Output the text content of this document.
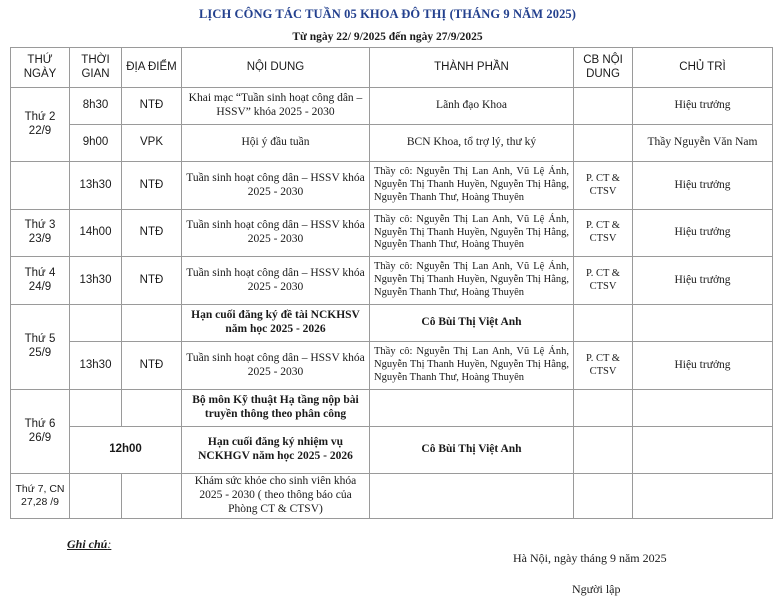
LỊCH CÔNG TÁC TUẦN 05 KHOA ĐÔ THỊ (THÁNG 9 NĂM 2025)
Từ ngày 22/ 9/2025 đến ngày 27/9/2025
THỨ NGÀY	THỜI GIAN	ĐỊA ĐIỂM	NỘI DUNG	THÀNH PHẦN	CB NỘI DUNG	CHỦ TRÌ
Thứ 2 22/9	8h30	NTĐ	Khai mạc “Tuần sinh hoạt công dân – HSSV” khóa 2025 - 2030	Lãnh đạo Khoa		Hiệu trưởng
	9h00	VPK	Hội ý đầu tuần	BCN Khoa, tổ trợ lý, thư ký		Thầy Nguyễn Văn Nam
	13h30	NTĐ	Tuần sinh hoạt công dân – HSSV khóa 2025 - 2030	Thầy cô: Nguyễn Thị Lan Anh, Vũ Lệ Ánh, Nguyễn Thị Thanh Huyền, Nguyễn Thị Hằng, Nguyễn Thanh Thư, Hoàng Thuyên	P. CT & CTSV	Hiệu trưởng
Thứ 3 23/9	14h00	NTĐ	Tuần sinh hoạt công dân – HSSV khóa 2025 - 2030	Thầy cô: Nguyễn Thị Lan Anh, Vũ Lệ Ánh, Nguyễn Thị Thanh Huyền, Nguyễn Thị Hằng, Nguyễn Thanh Thư, Hoàng Thuyên	P. CT & CTSV	Hiệu trưởng
Thứ 4 24/9	13h30	NTĐ	Tuần sinh hoạt công dân – HSSV khóa 2025 - 2030	Thầy cô: Nguyễn Thị Lan Anh, Vũ Lệ Ánh, Nguyễn Thị Thanh Huyền, Nguyễn Thị Hằng, Nguyễn Thanh Thư, Hoàng Thuyên	P. CT & CTSV	Hiệu trưởng
Thứ 5 25/9			Hạn cuối đăng ký đề tài NCKHSV năm học 2025 - 2026	Cô Bùi Thị Việt Anh		
	13h30	NTĐ	Tuần sinh hoạt công dân – HSSV khóa 2025 - 2030	Thầy cô: Nguyễn Thị Lan Anh, Vũ Lệ Ánh, Nguyễn Thị Thanh Huyền, Nguyễn Thị Hằng, Nguyễn Thanh Thư, Hoàng Thuyên	P. CT & CTSV	Hiệu trưởng
Thứ 6 26/9			Bộ môn Kỹ thuật Hạ tầng nộp bài truyền thông theo phân công			
	12h00		Hạn cuối đăng ký nhiệm vụ NCKHGV năm học 2025 - 2026	Cô Bùi Thị Việt Anh		
Thứ 7, CN 27,28 /9			Khám sức khỏe cho sinh viên khóa 2025 - 2030 ( theo thông báo của Phòng CT & CTSV)			
Ghi chú:
Hà Nội, ngày tháng 9 năm 2025
Người lập
